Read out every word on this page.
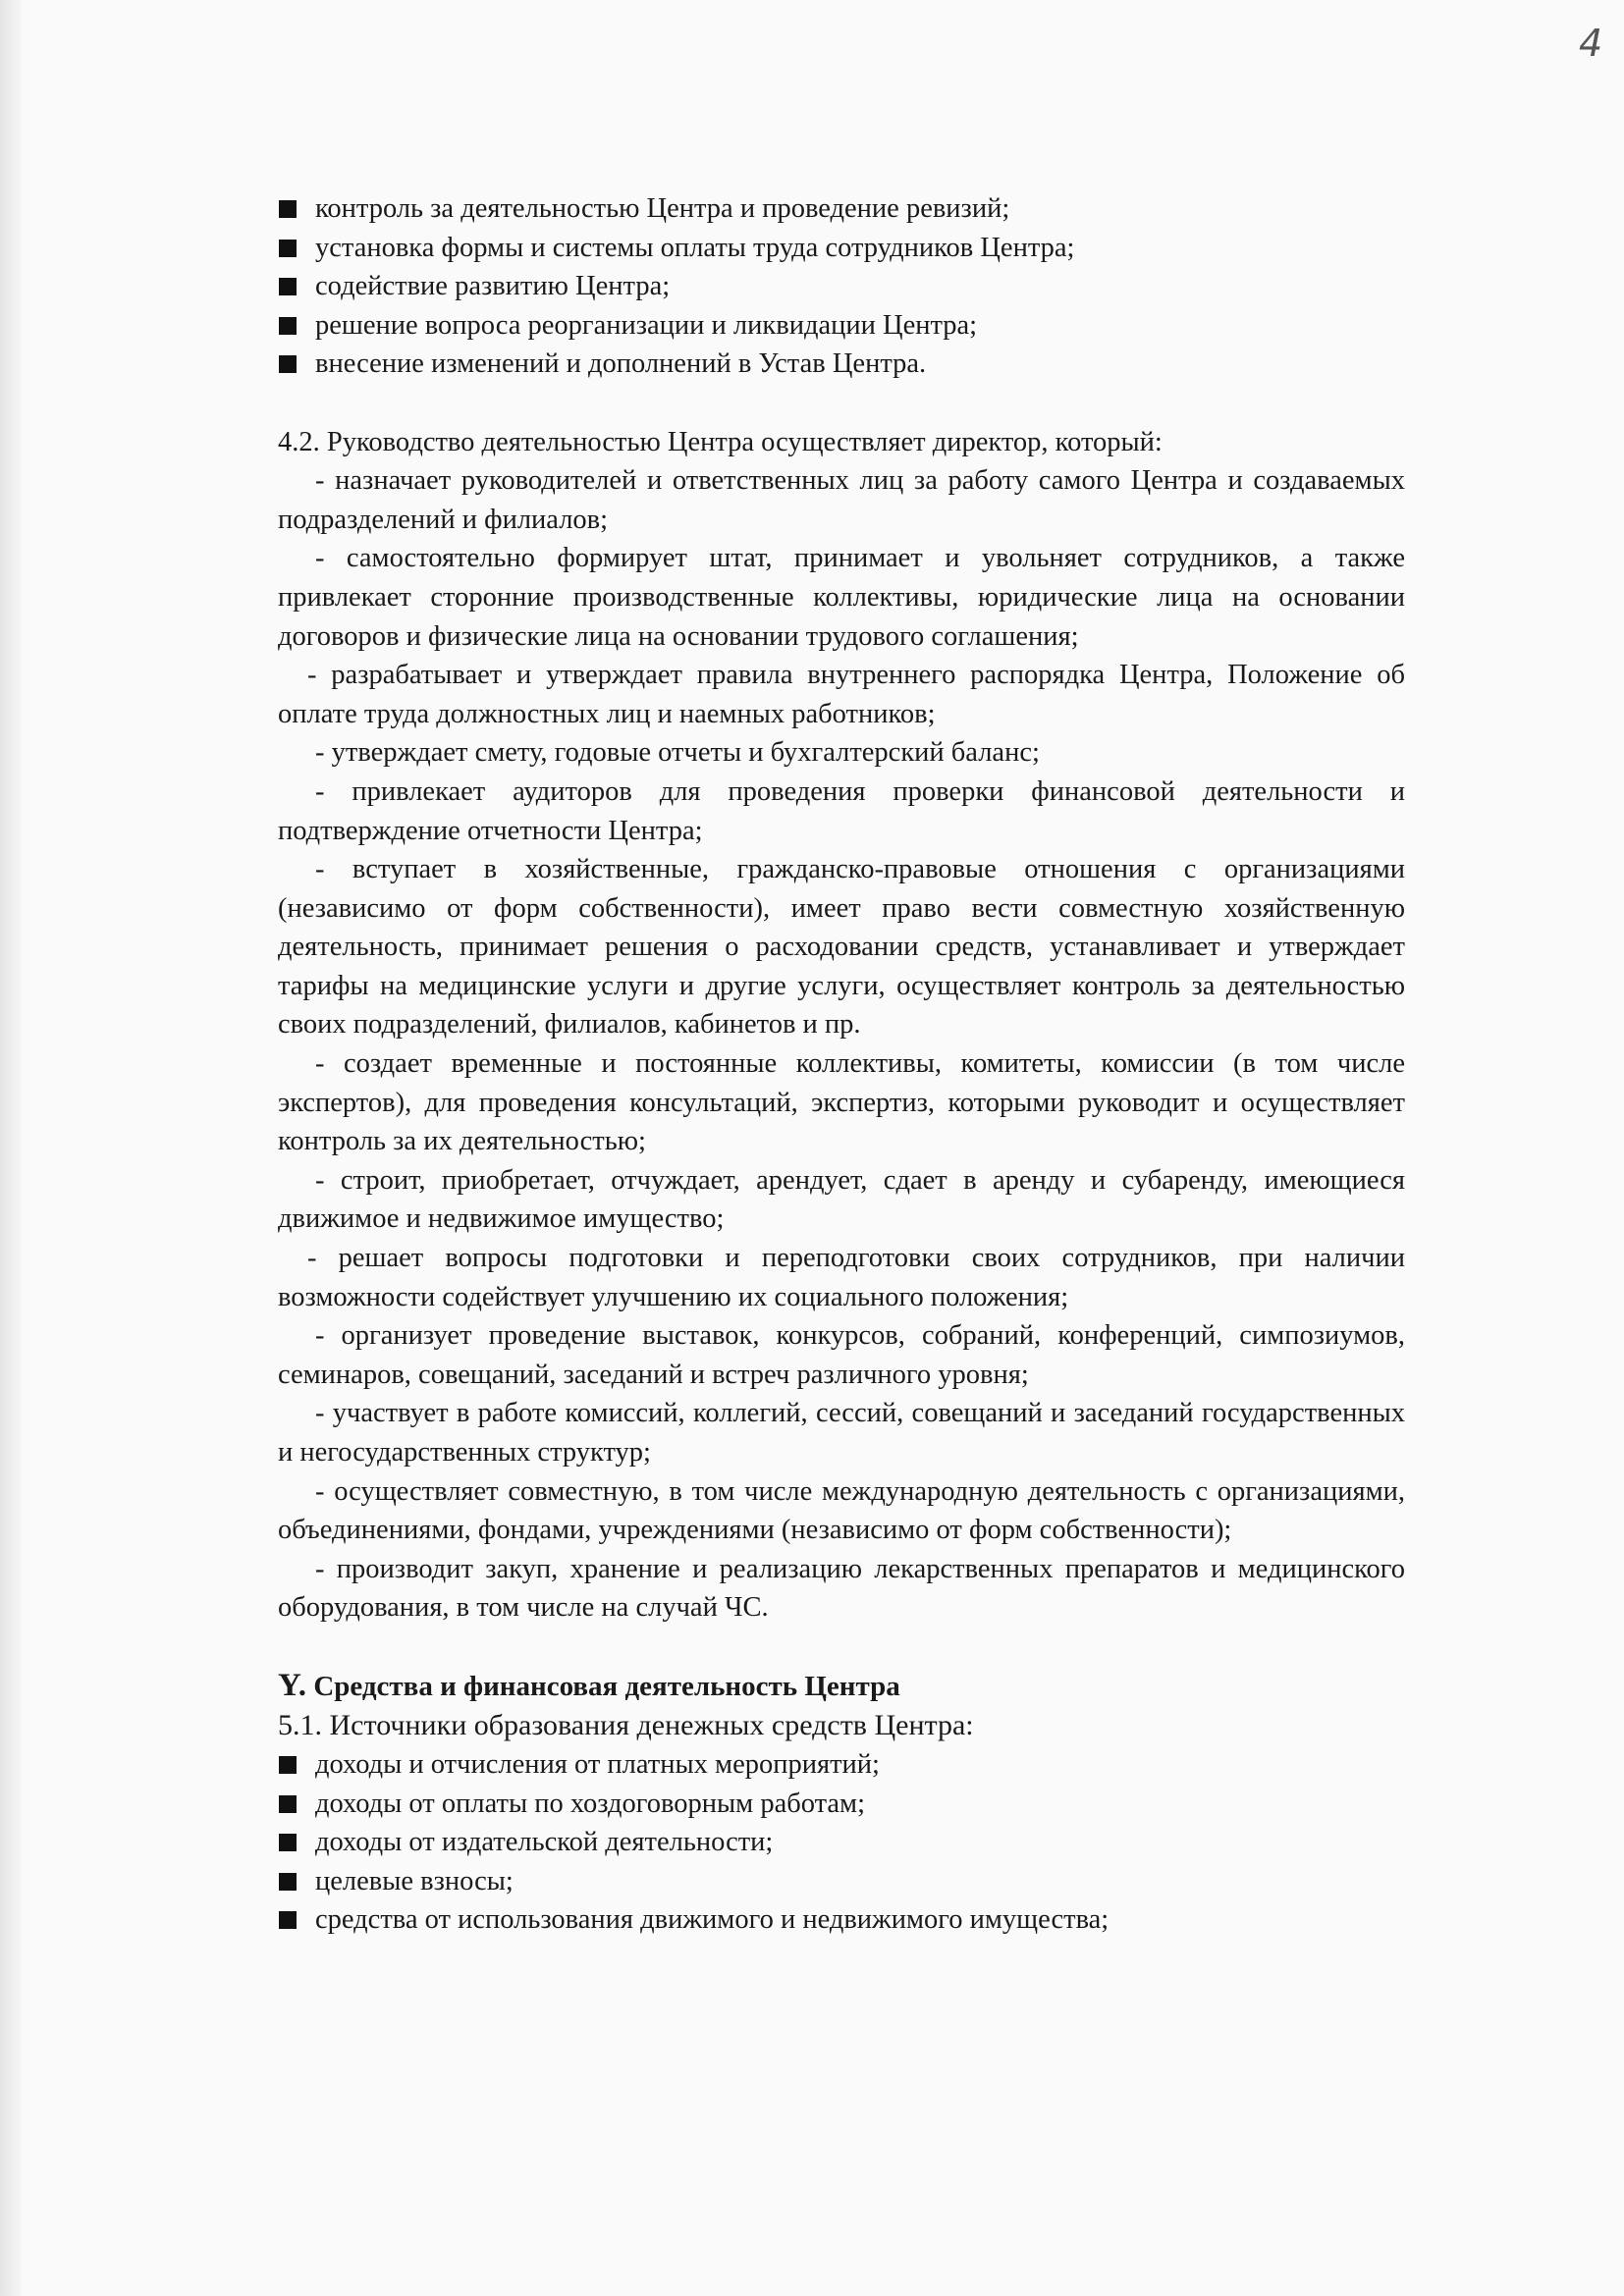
4
контроль за деятельностью Центра и проведение ревизий;
установка формы и системы оплаты труда сотрудников Центра;
содействие развитию Центра;
решение вопроса реорганизации и ликвидации Центра;
внесение изменений и дополнений в Устав Центра.

4.2. Руководство деятельностью Центра осуществляет директор, который:

- назначает руководителей и ответственных лиц за работу самого Центра и создаваемых подразделений и филиалов;

- самостоятельно формирует штат, принимает и увольняет сотрудников, а также привлекает сторонние производственные коллективы, юридические лица на основании договоров и физические лица на основании трудового соглашения;

- разрабатывает и утверждает правила внутреннего распорядка Центра, Положение об оплате труда должностных лиц и наемных работников;

- утверждает смету, годовые отчеты и бухгалтерский баланс;

- привлекает аудиторов для проведения проверки финансовой деятельности и подтверждение отчетности Центра;

- вступает в хозяйственные, гражданско-правовые отношения с организациями (независимо от форм собственности), имеет право вести совместную хозяйственную деятельность, принимает решения о расходовании средств, устанавливает и утверждает тарифы на медицинские услуги и другие услуги, осуществляет контроль за деятельностью своих подразделений, филиалов, кабинетов и пр.

- создает временные и постоянные коллективы, комитеты, комиссии (в том числе экспертов), для проведения консультаций, экспертиз, которыми руководит и осуществляет контроль за их деятельностью;

- строит, приобретает, отчуждает, арендует, сдает в аренду и субаренду, имеющиеся движимое и недвижимое имущество;

- решает вопросы подготовки и переподготовки своих сотрудников, при наличии возможности содействует улучшению их социального положения;

- организует проведение выставок, конкурсов, собраний, конференций, симпозиумов, семинаров, совещаний, заседаний и встреч различного уровня;

- участвует в работе комиссий, коллегий, сессий, совещаний и заседаний государственных и негосударственных структур;

- осуществляет совместную, в том числе международную деятельность с организациями, объединениями, фондами, учреждениями (независимо от форм собственности);

- производит закуп, хранение и реализацию лекарственных препаратов и медицинского оборудования, в том числе на случай ЧС.

Y. Средства и финансовая деятельность Центра
5.1. Источники образования денежных средств Центра:
доходы и отчисления от платных мероприятий;
доходы от оплаты по хоздоговорным работам;
доходы от издательской деятельности;
целевые взносы;
средства от использования движимого и недвижимого имущества;
